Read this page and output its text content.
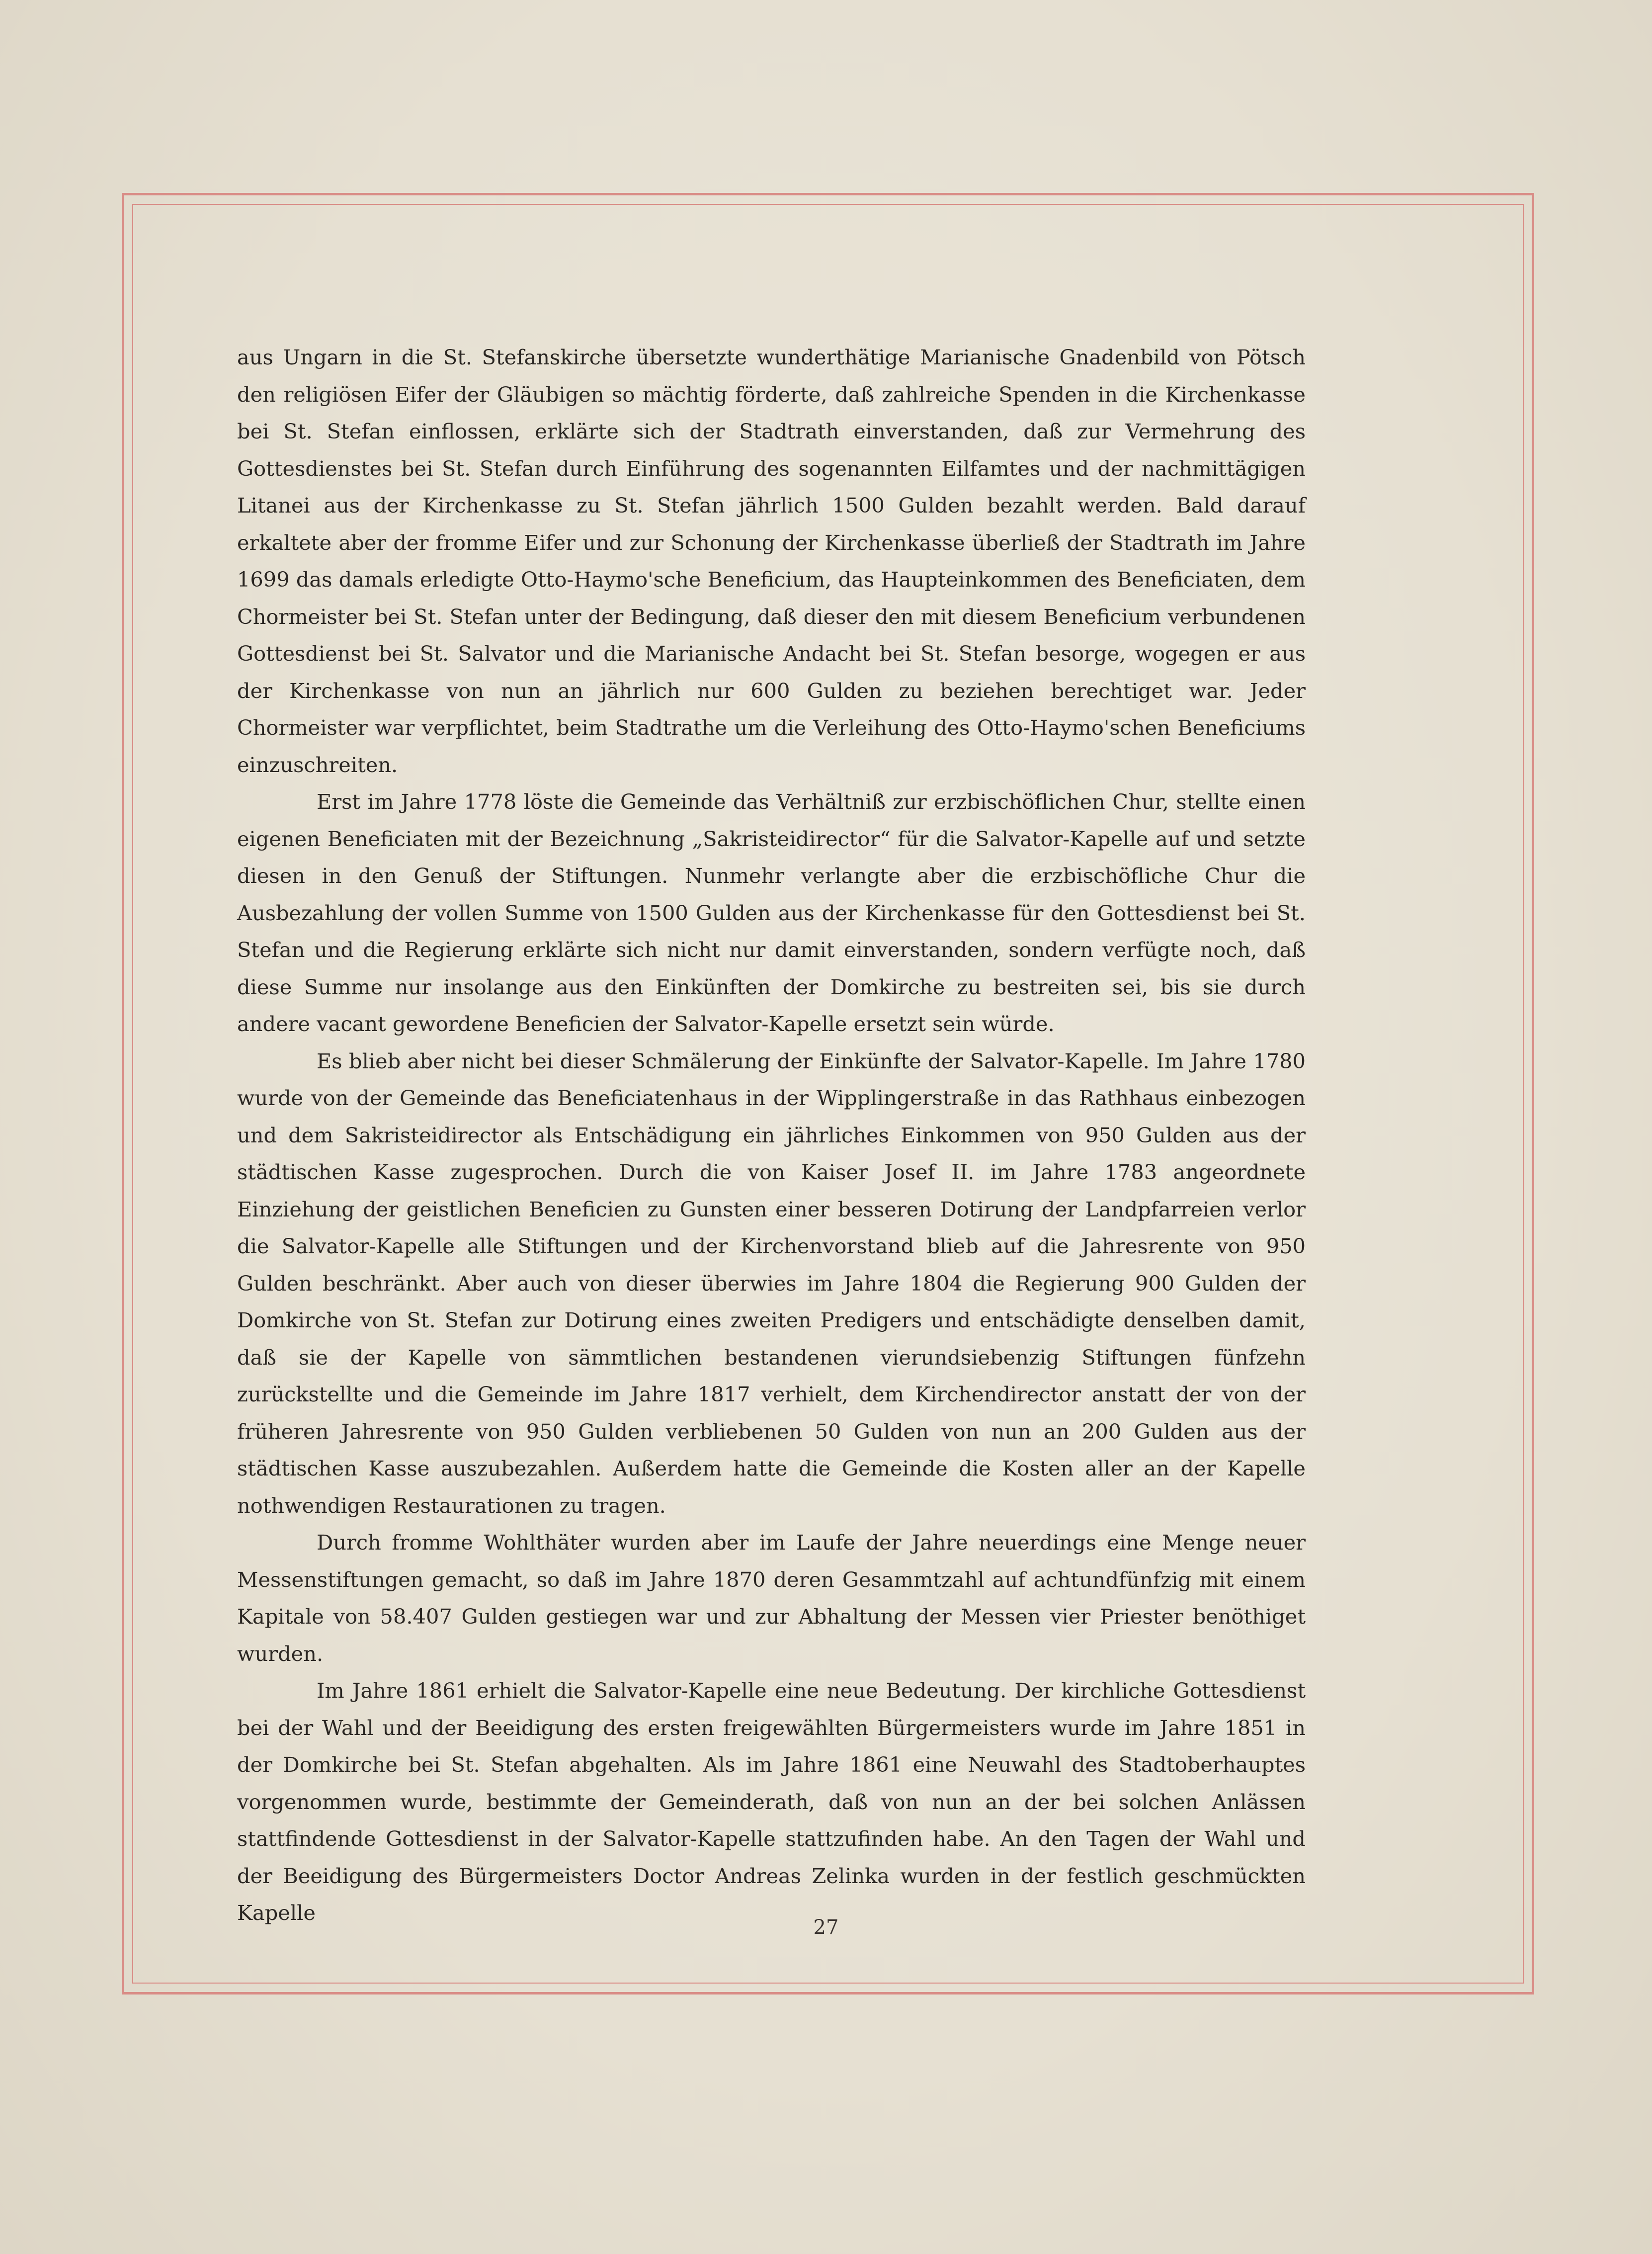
aus Ungarn in die St. Stefanskirche übersetzte wunderthätige Marianische Gnadenbild von Pötsch den religiösen Eifer der Gläubigen so mächtig förderte, daß zahlreiche Spenden in die Kirchenkasse bei St. Stefan einflossen, erklärte sich der Stadtrath einverstanden, daß zur Vermehrung des Gottesdienstes bei St. Stefan durch Einführung des sogenannten Eilfamtes und der nachmittägigen Litanei aus der Kirchenkasse zu St. Stefan jährlich 1500 Gulden bezahlt werden. Bald darauf erkaltete aber der fromme Eifer und zur Schonung der Kirchenkasse überließ der Stadtrath im Jahre 1699 das damals erledigte Otto-Haymo'sche Beneficium, das Haupteinkommen des Beneficiaten, dem Chormeister bei St. Stefan unter der Bedingung, daß dieser den mit diesem Beneficium verbundenen Gottesdienst bei St. Salvator und die Marianische Andacht bei St. Stefan besorge, wogegen er aus der Kirchenkasse von nun an jährlich nur 600 Gulden zu beziehen berechtiget war. Jeder Chormeister war verpflichtet, beim Stadtrathe um die Verleihung des Otto-Haymo'schen Beneficiums einzuschreiten.

Erst im Jahre 1778 löste die Gemeinde das Verhältniß zur erzbischöflichen Chur, stellte einen eigenen Beneficiaten mit der Bezeichnung „Sakristeidirector“ für die Salvator-Kapelle auf und setzte diesen in den Genuß der Stiftungen. Nunmehr verlangte aber die erzbischöfliche Chur die Ausbezahlung der vollen Summe von 1500 Gulden aus der Kirchenkasse für den Gottesdienst bei St. Stefan und die Regierung erklärte sich nicht nur damit einverstanden, sondern verfügte noch, daß diese Summe nur insolange aus den Einkünften der Domkirche zu bestreiten sei, bis sie durch andere vacant gewordene Beneficien der Salvator-Kapelle ersetzt sein würde.

Es blieb aber nicht bei dieser Schmälerung der Einkünfte der Salvator-Kapelle. Im Jahre 1780 wurde von der Gemeinde das Beneficiatenhaus in der Wipplingerstraße in das Rathhaus einbezogen und dem Sakristeidirector als Entschädigung ein jährliches Einkommen von 950 Gulden aus der städtischen Kasse zugesprochen. Durch die von Kaiser Josef II. im Jahre 1783 angeordnete Einziehung der geistlichen Beneficien zu Gunsten einer besseren Dotirung der Landpfarreien verlor die Salvator-Kapelle alle Stiftungen und der Kirchenvorstand blieb auf die Jahresrente von 950 Gulden beschränkt. Aber auch von dieser überwies im Jahre 1804 die Regierung 900 Gulden der Domkirche von St. Stefan zur Dotirung eines zweiten Predigers und entschädigte denselben damit, daß sie der Kapelle von sämmtlichen bestandenen vierundsiebenzig Stiftungen fünfzehn zurückstellte und die Gemeinde im Jahre 1817 verhielt, dem Kirchendirector anstatt der von der früheren Jahresrente von 950 Gulden verbliebenen 50 Gulden von nun an 200 Gulden aus der städtischen Kasse auszubezahlen. Außerdem hatte die Gemeinde die Kosten aller an der Kapelle nothwendigen Restaurationen zu tragen.

Durch fromme Wohlthäter wurden aber im Laufe der Jahre neuerdings eine Menge neuer Messenstiftungen gemacht, so daß im Jahre 1870 deren Gesammtzahl auf achtundfünfzig mit einem Kapitale von 58.407 Gulden gestiegen war und zur Abhaltung der Messen vier Priester benöthiget wurden.

Im Jahre 1861 erhielt die Salvator-Kapelle eine neue Bedeutung. Der kirchliche Gottesdienst bei der Wahl und der Beeidigung des ersten freigewählten Bürgermeisters wurde im Jahre 1851 in der Domkirche bei St. Stefan abgehalten. Als im Jahre 1861 eine Neuwahl des Stadtoberhauptes vorgenommen wurde, bestimmte der Gemeinderath, daß von nun an der bei solchen Anlässen stattfindende Gottesdienst in der Salvator-Kapelle stattzufinden habe. An den Tagen der Wahl und der Beeidigung des Bürgermeisters Doctor Andreas Zelinka wurden in der festlich geschmückten Kapelle

27
